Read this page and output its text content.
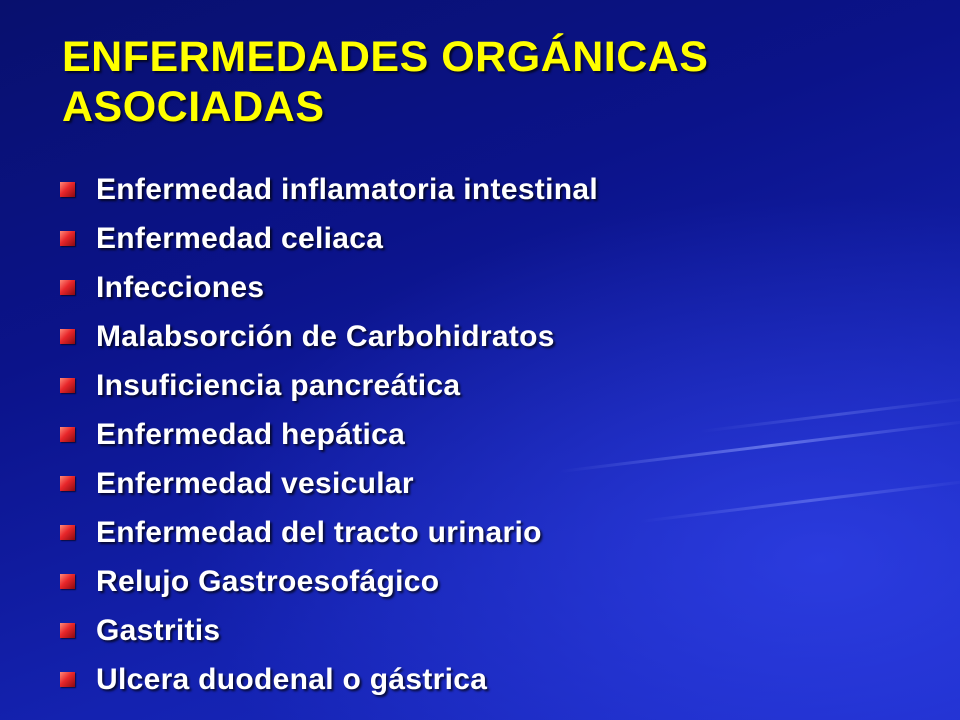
ENFERMEDADES ORGÁNICAS
ASOCIADAS
Enfermedad inflamatoria intestinal
Enfermedad celiaca
Infecciones
Malabsorción de Carbohidratos
Insuficiencia pancreática
Enfermedad hepática
Enfermedad vesicular
Enfermedad del tracto urinario
Relujo Gastroesofágico
Gastritis
Ulcera duodenal o gástrica
